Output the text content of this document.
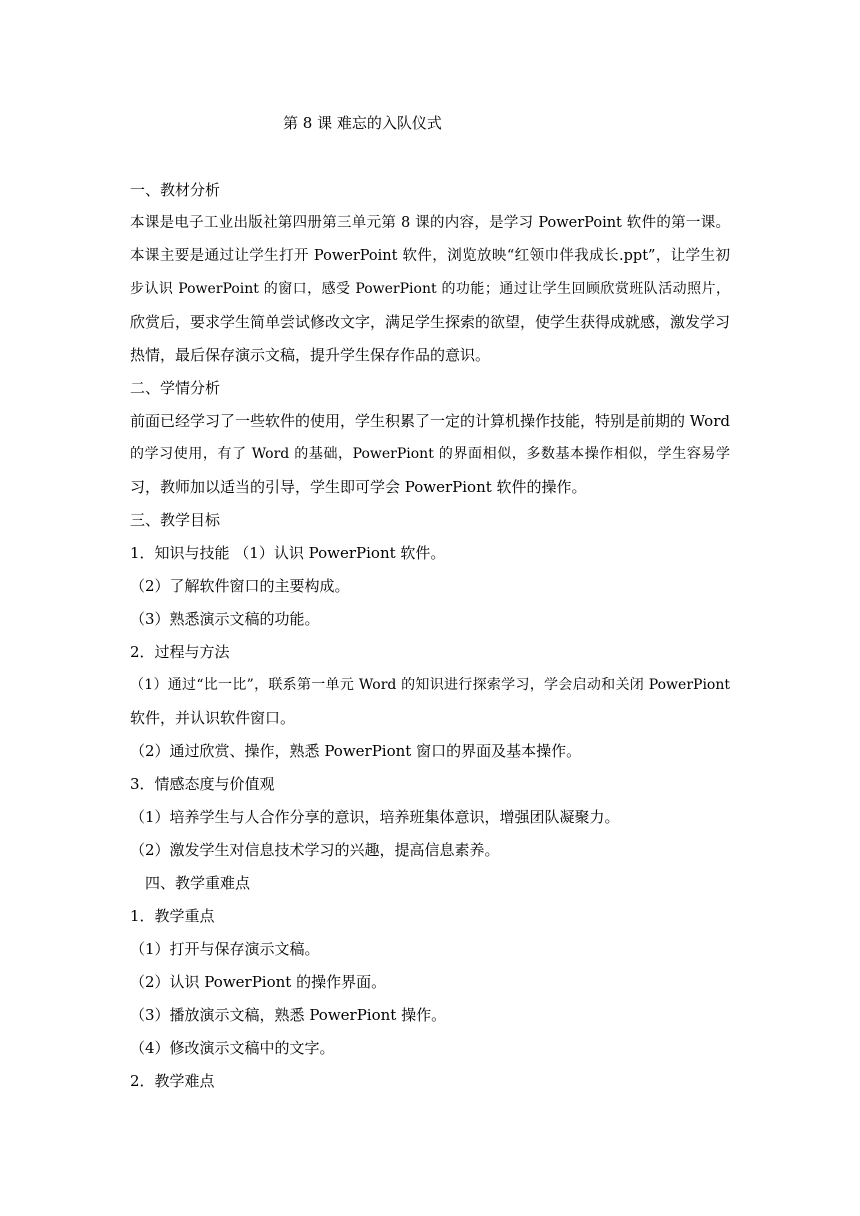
第 8 课 难忘的入队仪式
一、教材分析
本课是电子工业出版社第四册第三单元第 8 课的内容，是学习 PowerPoint 软件的第一课。
本课主要是通过让学生打开 PowerPoint 软件，浏览放映“红领巾伴我成长.ppt”，让学生初
步认识 PowerPoint 的窗口，感受 PowerPiont 的功能；通过让学生回顾欣赏班队活动照片，
欣赏后，要求学生简单尝试修改文字，满足学生探索的欲望，使学生获得成就感，激发学习
热情，最后保存演示文稿，提升学生保存作品的意识。
二、学情分析
前面已经学习了一些软件的使用，学生积累了一定的计算机操作技能，特别是前期的 Word
的学习使用，有了 Word 的基础，PowerPiont 的界面相似，多数基本操作相似，学生容易学
习，教师加以适当的引导，学生即可学会 PowerPiont 软件的操作。
三、教学目标
1．知识与技能 （1）认识 PowerPiont 软件。
（2）了解软件窗口的主要构成。
（3）熟悉演示文稿的功能。
2．过程与方法
（1）通过“比一比”，联系第一单元 Word 的知识进行探索学习，学会启动和关闭 PowerPiont
软件，并认识软件窗口。
（2）通过欣赏、操作，熟悉 PowerPiont 窗口的界面及基本操作。
3．情感态度与价值观
（1）培养学生与人合作分享的意识，培养班集体意识，增强团队凝聚力。
（2）激发学生对信息技术学习的兴趣，提高信息素养。
四、教学重难点
1．教学重点
（1）打开与保存演示文稿。
（2）认识 PowerPiont 的操作界面。
（3）播放演示文稿，熟悉 PowerPiont 操作。
（4）修改演示文稿中的文字。
2．教学难点
